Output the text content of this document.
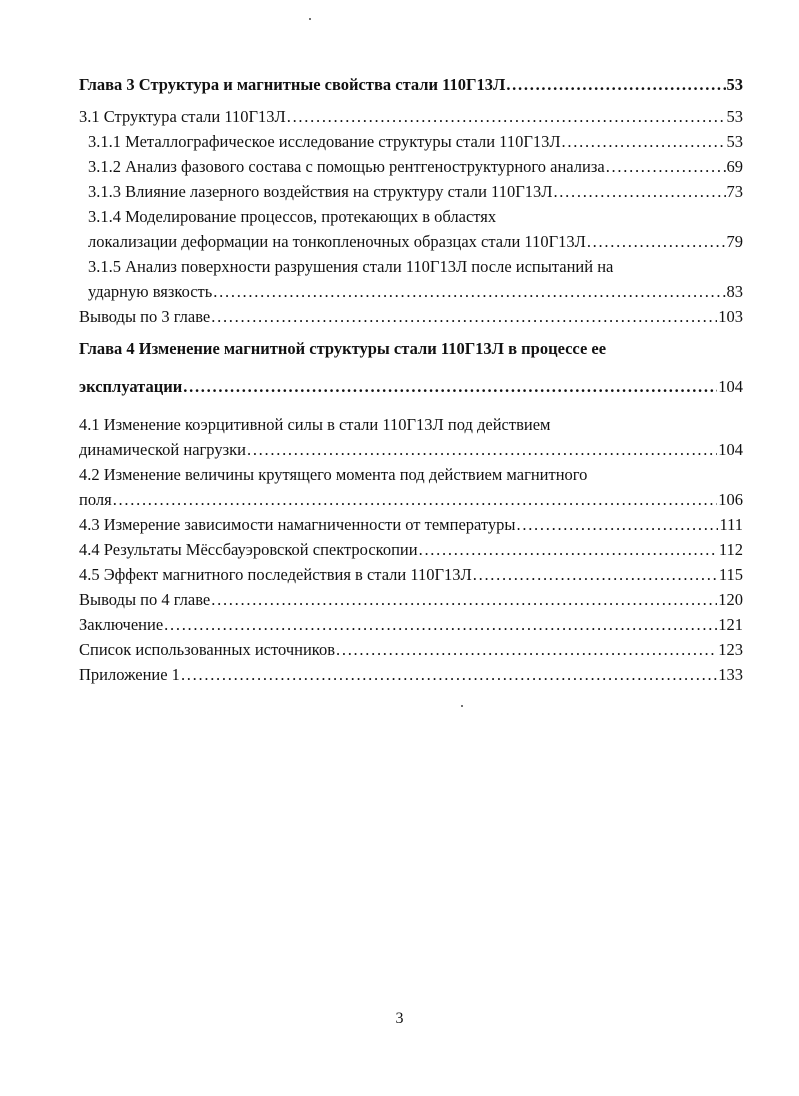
Глава 3 Структура и магнитные свойства стали 110Г13Л . . .	53
3.1 Структура стали 110Г13Л . . .	53
3.1.1 Металлографическое исследование структуры стали 110Г13Л . . .	53
3.1.2 Анализ фазового состава с помощью рентгеноструктурного анализа . . .	69
3.1.3 Влияние лазерного воздействия на структуру стали 110Г13Л . . .	73
3.1.4 Моделирование процессов, протекающих в областях
локализации деформации на тонкопленочных образцах стали 110Г13Л . . .	79
3.1.5 Анализ поверхности разрушения стали 110Г13Л после испытаний на
ударную вязкость . . .	83
Выводы по 3 главе . . .	103
Глава 4 Изменение магнитной структуры стали 110Г13Л в процессе ее
эксплуатации . . .	104
4.1 Изменение коэрцитивной силы в стали 110Г13Л под действием
динамической нагрузки . . .	104
4.2 Изменение величины крутящего момента под действием магнитного
поля . . .	106
4.3 Измерение зависимости намагниченности от температуры . . .	111
4.4 Результаты Мёссбауэровской спектроскопии . . .	112
4.5 Эффект магнитного последействия в стали 110Г13Л . . .	115
Выводы по 4 главе . . .	120
Заключение . . .	121
Список использованных источников . . .	123
Приложение 1 . . .	133
3
